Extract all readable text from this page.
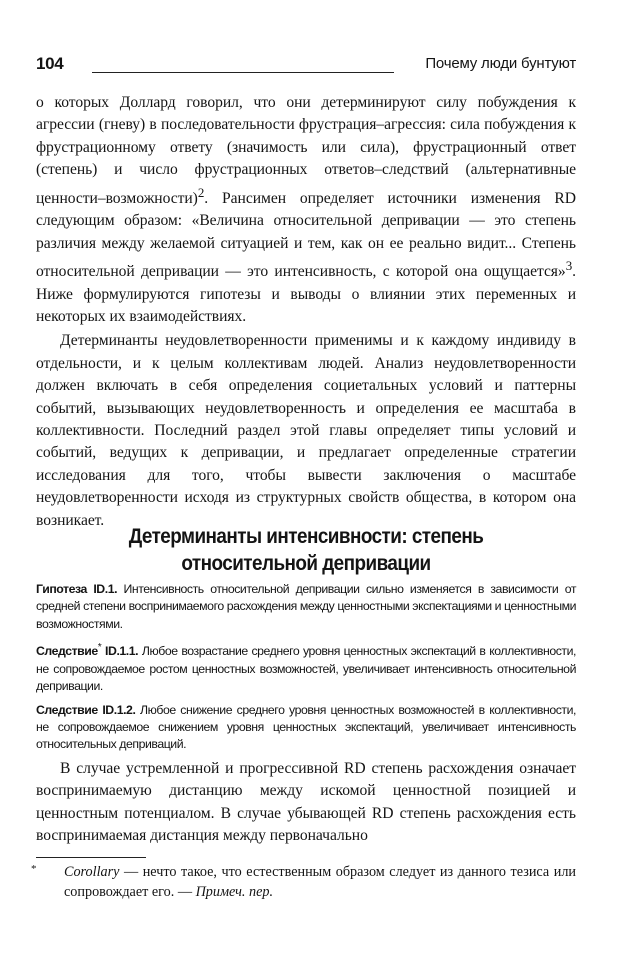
104	Почему люди бунтуют

о которых Доллард говорил, что они детерминируют силу побуждения к агрессии (гневу) в последовательности фрустрация–агрессия: сила побуждения к фрустрационному ответу (значимость или сила), фрустрационный ответ (степень) и число фрустрационных ответов–следствий (альтернативные ценности–возможности)$^2$. Рансимен определяет источники изменения RD следующим образом: «Величина относительной депривации — это степень различия между желаемой ситуацией и тем, как он ее реально видит... Степень относительной депривации — это интенсивность, с которой она ощущается»$^3$. Ниже формулируются гипотезы и выводы о влиянии этих переменных и некоторых их взаимодействиях.

Детерминанты неудовлетворенности применимы и к каждому индивиду в отдельности, и к целым коллективам людей. Анализ неудовлетворенности должен включать в себя определения социетальных условий и паттерны событий, вызывающих неудовлетворенность и определения ее масштаба в коллективности. Последний раздел этой главы определяет типы условий и событий, ведущих к депривации, и предлагает определенные стратегии исследования для того, чтобы вывести заключения о масштабе неудовлетворенности исходя из структурных свойств общества, в котором она возникает.

Детерминанты интенсивности: степень
относительной депривации

Гипотеза ID.1. Интенсивность относительной депривации сильно изменяется в зависимости от средней степени воспринимаемого расхождения между ценностными экспектациями и ценностными возможностями.

Следствие* ID.1.1. Любое возрастание среднего уровня ценностных экспектаций в коллективности, не сопровождаемое ростом ценностных возможностей, увеличивает интенсивность относительной депривации.

Следствие ID.1.2. Любое снижение среднего уровня ценностных возможностей в коллективности, не сопровождаемое снижением уровня ценностных экспектаций, увеличивает интенсивность относительных деприваций.

В случае устремленной и прогрессивной RD степень расхождения означает воспринимаемую дистанцию между искомой ценностной позицией и ценностным потенциалом. В случае убывающей RD степень расхождения есть воспринимаемая дистанция между первоначально

*	Corollary — нечто такое, что естественным образом следует из данного тезиса или сопровождает его. — Примеч. пер.
